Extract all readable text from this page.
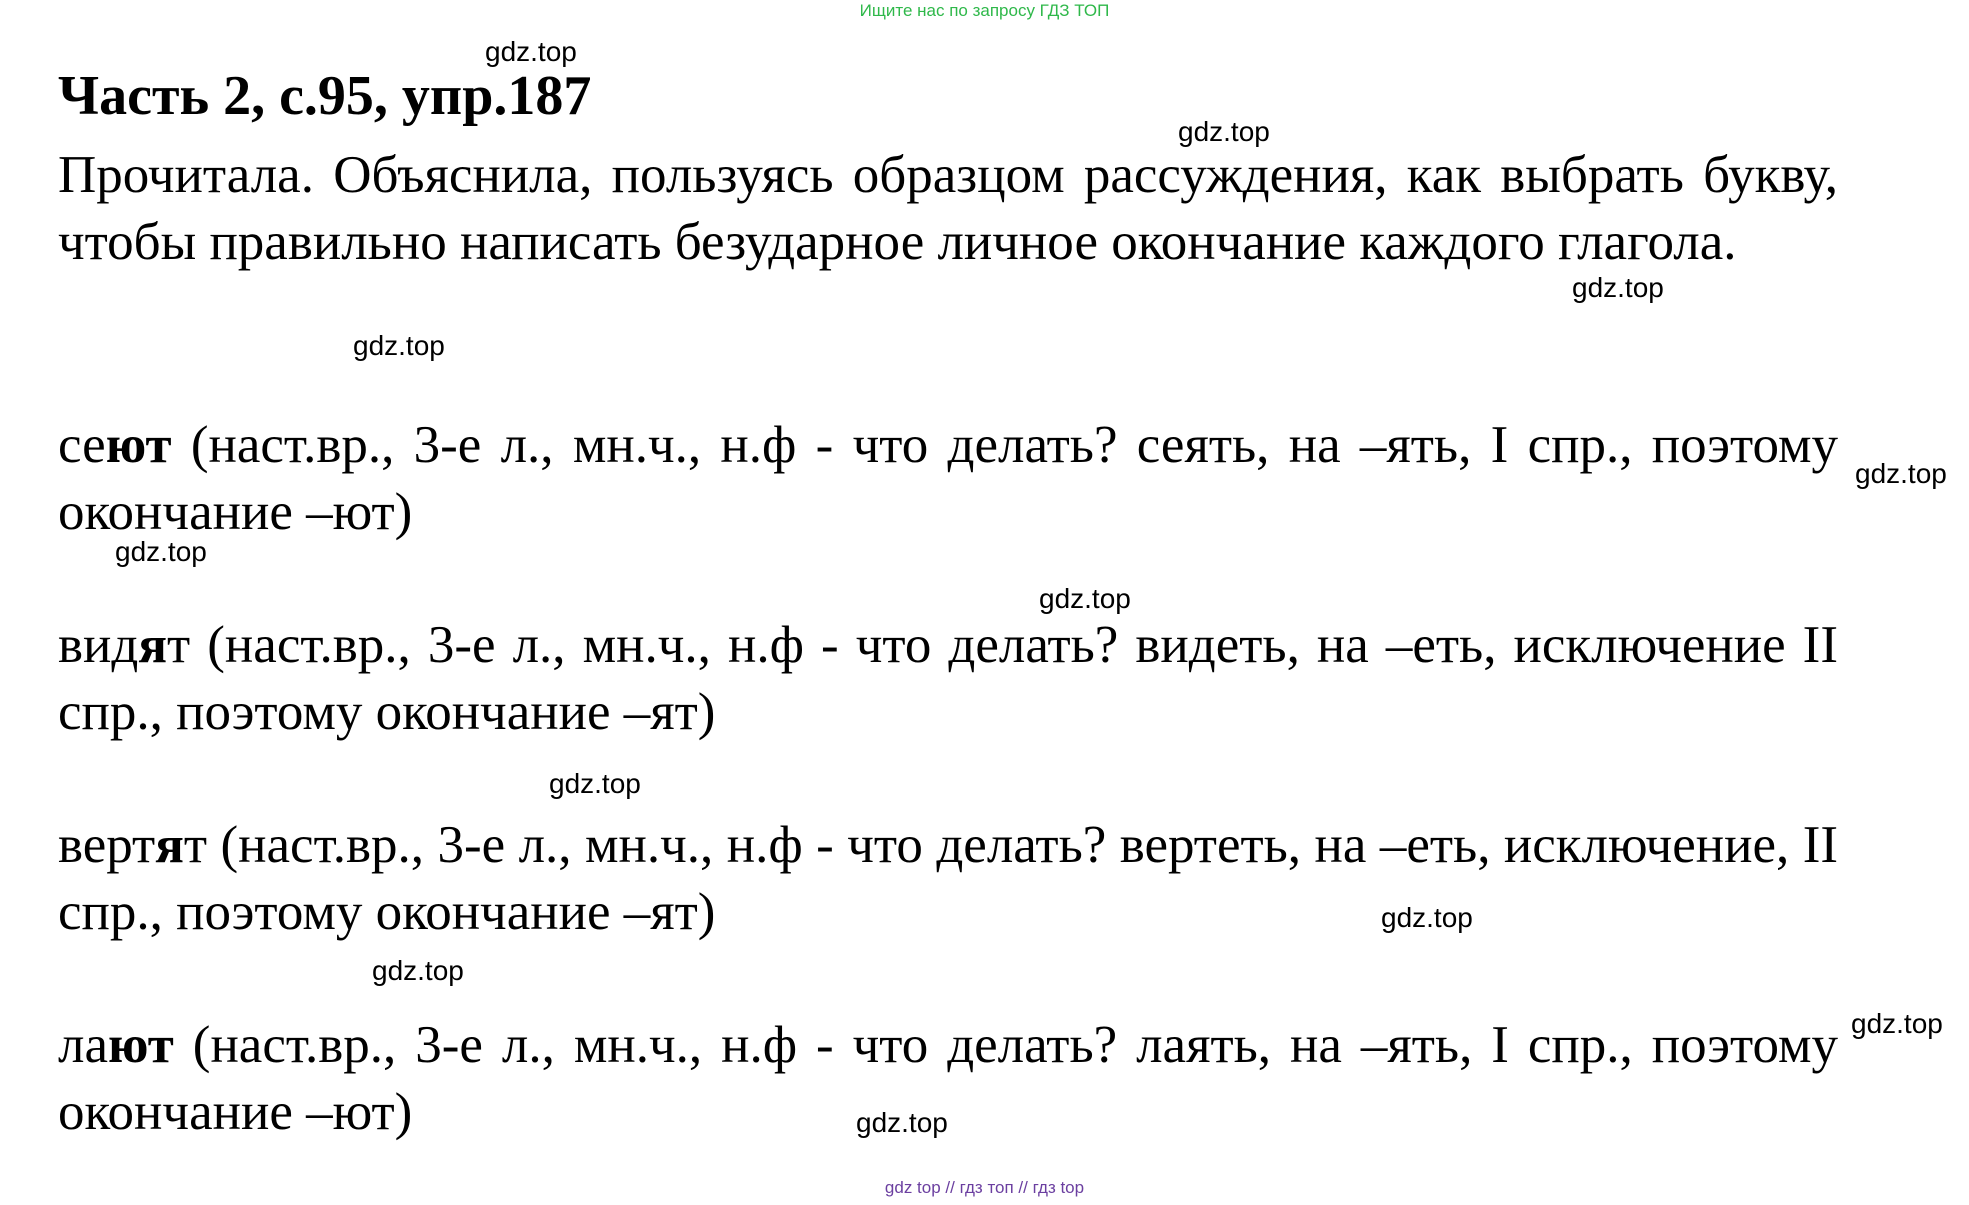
Ищите нас по запросу ГДЗ ТОП
Часть 2, с.95, упр.187

Прочитала. Объяснила, пользуясь образцом рассуждения, как выбрать букву, чтобы правильно написать безударное личное окончание каждого глагола.

сеют (наст.вр., 3-е л., мн.ч., н.ф - что делать? сеять, на –ять, I спр., поэтому окончание –ют)

видят (наст.вр., 3-е л., мн.ч., н.ф - что делать? видеть, на –еть, исключение II спр., поэтому окончание –ят)

вертят (наст.вр., 3-е л., мн.ч., н.ф - что делать? вертеть, на –еть, исключение, II спр., поэтому окончание –ят)

лают (наст.вр., 3-е л., мн.ч., н.ф - что делать? лаять, на –ять, I спр., поэтому окончание –ют)

gdz.top
gdz.top
gdz.top
gdz.top
gdz.top
gdz.top
gdz.top
gdz.top
gdz.top
gdz.top
gdz.top
gdz.top
gdz top // гдз топ // гдз top
